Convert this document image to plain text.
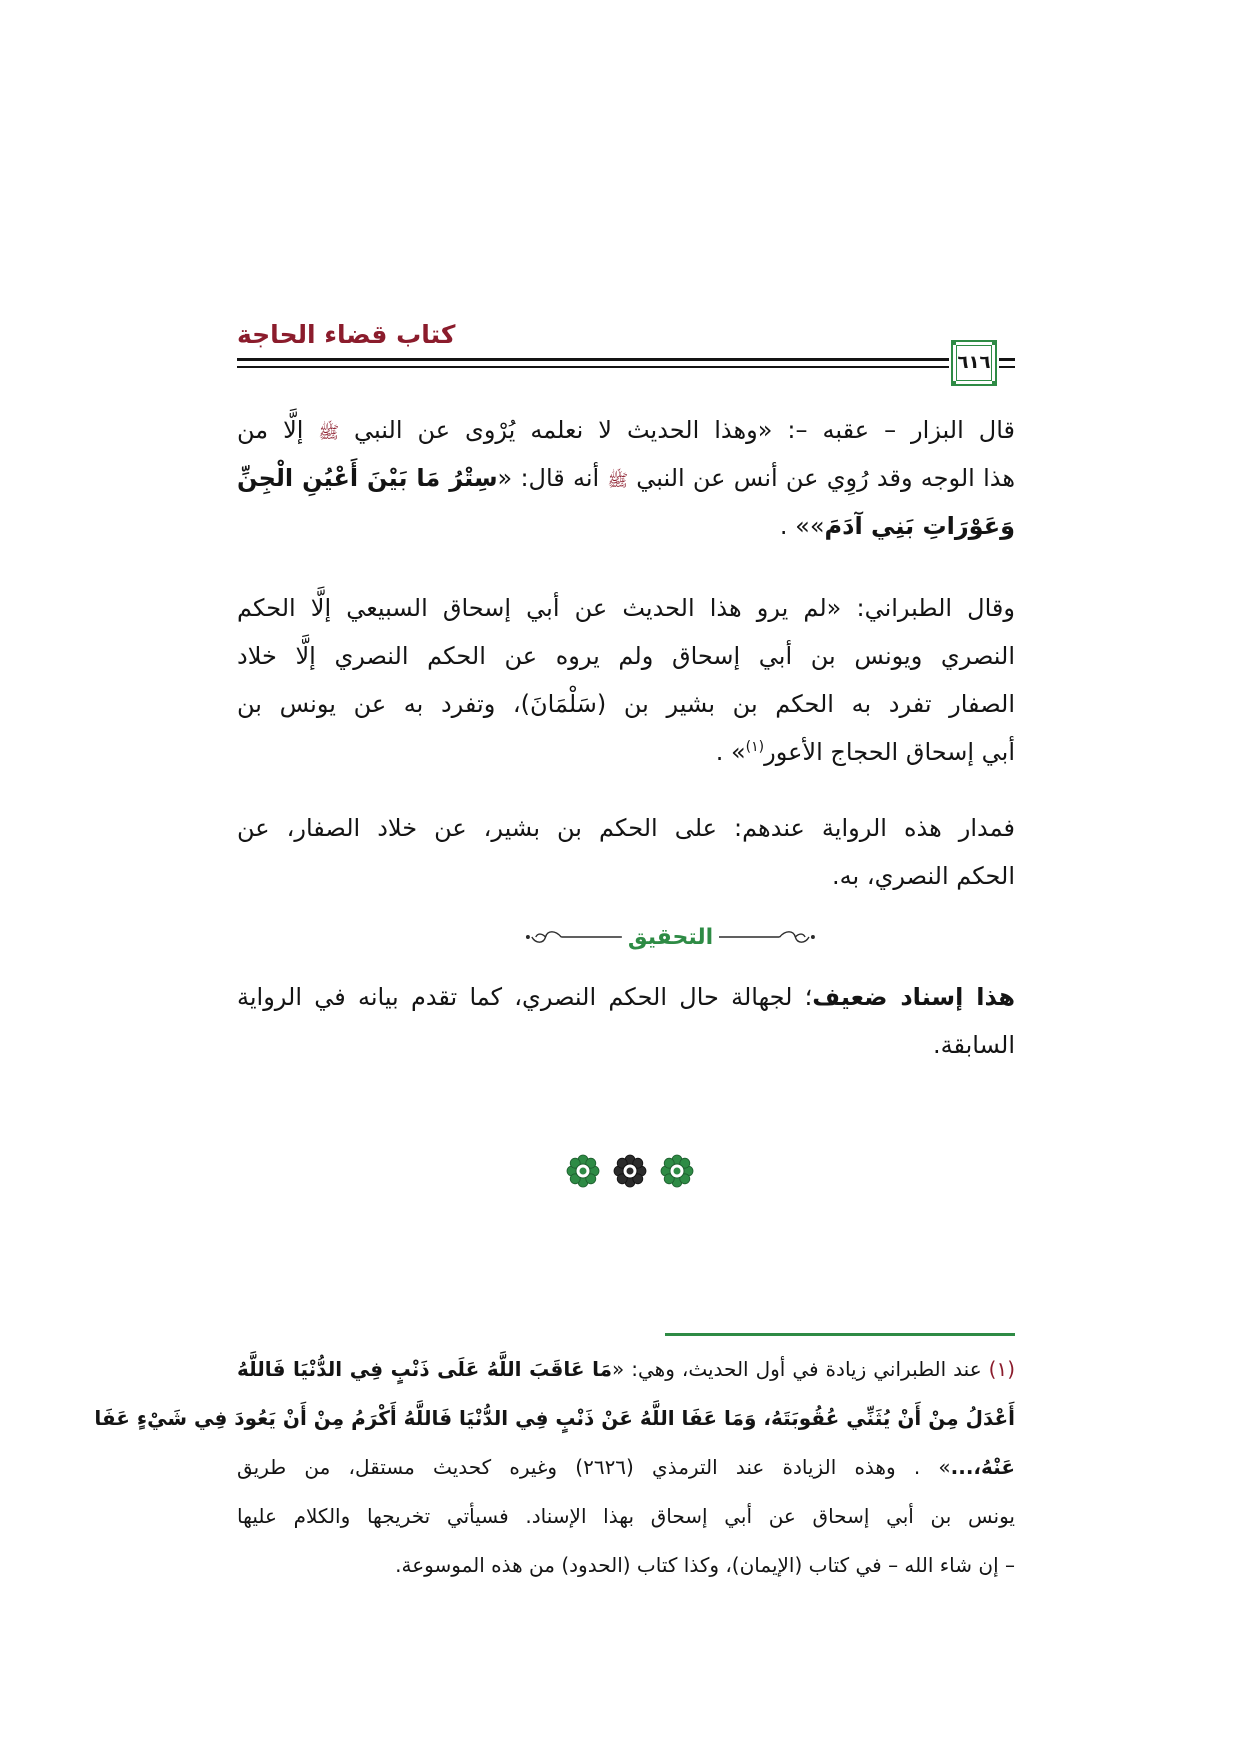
كتاب قضاء الحاجة
٦١٦
قال البزار – عقبه –: «وهذا الحديث لا نعلمه يُرْوى عن النبي ﷺ إلَّا من
هذا الوجه وقد رُوِي عن أنس عن النبي ﷺ أنه قال: «سِتْرُ مَا بَيْنَ أَعْيُنِ الْجِنِّ
وَعَوْرَاتِ بَنِي آدَمَ»» .
وقال الطبراني: «لم يرو هذا الحديث عن أبي إسحاق السبيعي إلَّا الحكم
النصري ويونس بن أبي إسحاق ولم يروه عن الحكم النصري إلَّا خلاد
الصفار تفرد به الحكم بن بشير بن (سَلْمَانَ)، وتفرد به عن يونس بن
أبي إسحاق الحجاج الأعور$^{(١)}$» .
فمدار هذه الرواية عندهم: على الحكم بن بشير، عن خلاد الصفار، عن
الحكم النصري، به.
التحقيق
هذا إسناد ضعيف؛ لجهالة حال الحكم النصري، كما تقدم بيانه في الرواية
السابقة.
(١) عند الطبراني زيادة في أول الحديث، وهي: «مَا عَاقَبَ اللَّهُ عَلَى ذَنْبٍ فِي الدُّنْيَا فَاللَّهُ
أَعْدَلُ مِنْ أَنْ يُثَنِّي عُقُوبَتَهُ، وَمَا عَفَا اللَّهُ عَنْ ذَنْبٍ فِي الدُّنْيَا فَاللَّهُ أَكْرَمُ مِنْ أَنْ يَعُودَ فِي شَيْءٍ عَفَا
عَنْهُ،...» . وهذه الزيادة عند الترمذي (٢٦٢٦) وغيره كحديث مستقل، من طريق
يونس بن أبي إسحاق عن أبي إسحاق بهذا الإسناد. فسيأتي تخريجها والكلام عليها
– إن شاء الله – في كتاب (الإيمان)، وكذا كتاب (الحدود) من هذه الموسوعة.
